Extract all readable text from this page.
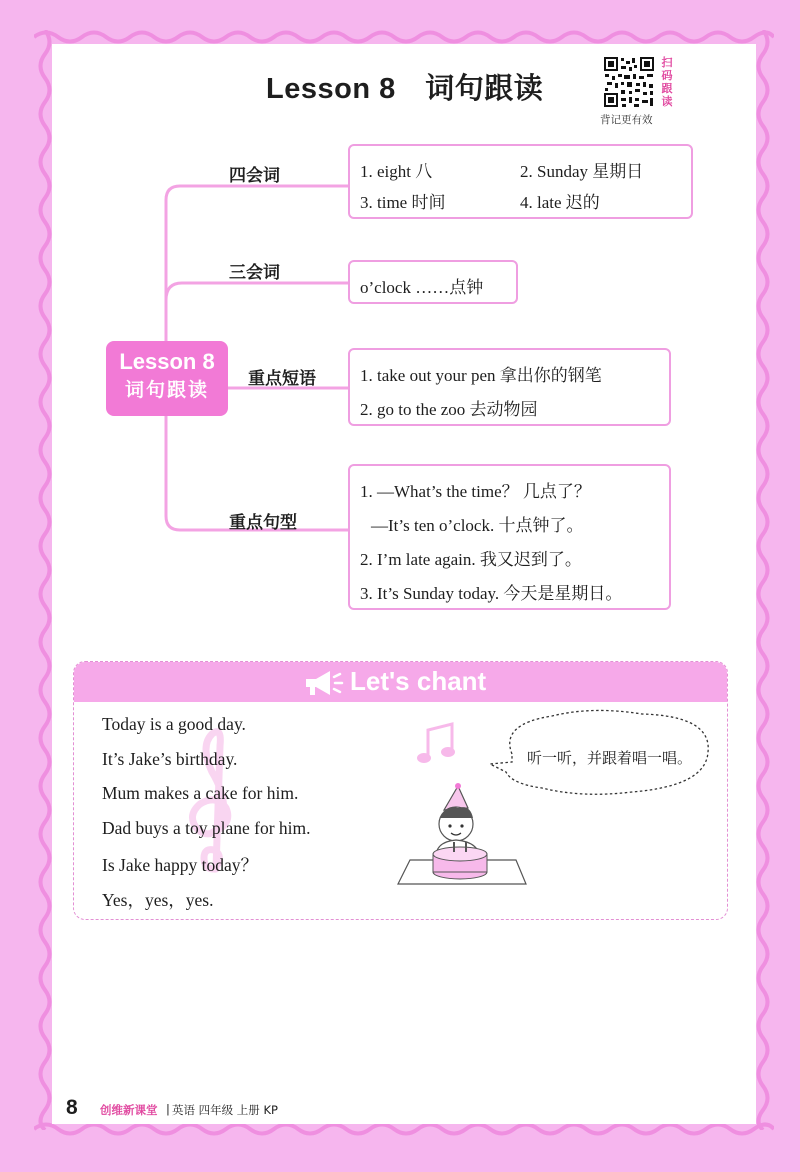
Lesson 8　词句跟读
扫
码
跟
读
背记更有效
Lesson 8
词句跟读
四会词	1. eight 八	2. Sunday 星期日
3. time 时间	4. late 迟的
三会词
o’clock ……点钟
重点短语	1. take out your pen 拿出你的钢笔
2. go to the zoo 去动物园
重点句型
1. —What’s the time？ 几点了？
—It’s ten o’clock. 十点钟了。
2. I’m late again. 我又迟到了。
3. It’s Sunday today. 今天是星期日。
Let's chant
Today is a good day.
It’s Jake’s birthday.
Mum makes a cake for him.
Dad buys a toy plane for him.
Is Jake happy today？
Yes，yes，yes.
听一听，并跟着唱一唱。
8 创维新课堂 | 英语 四年级 上册 KP
